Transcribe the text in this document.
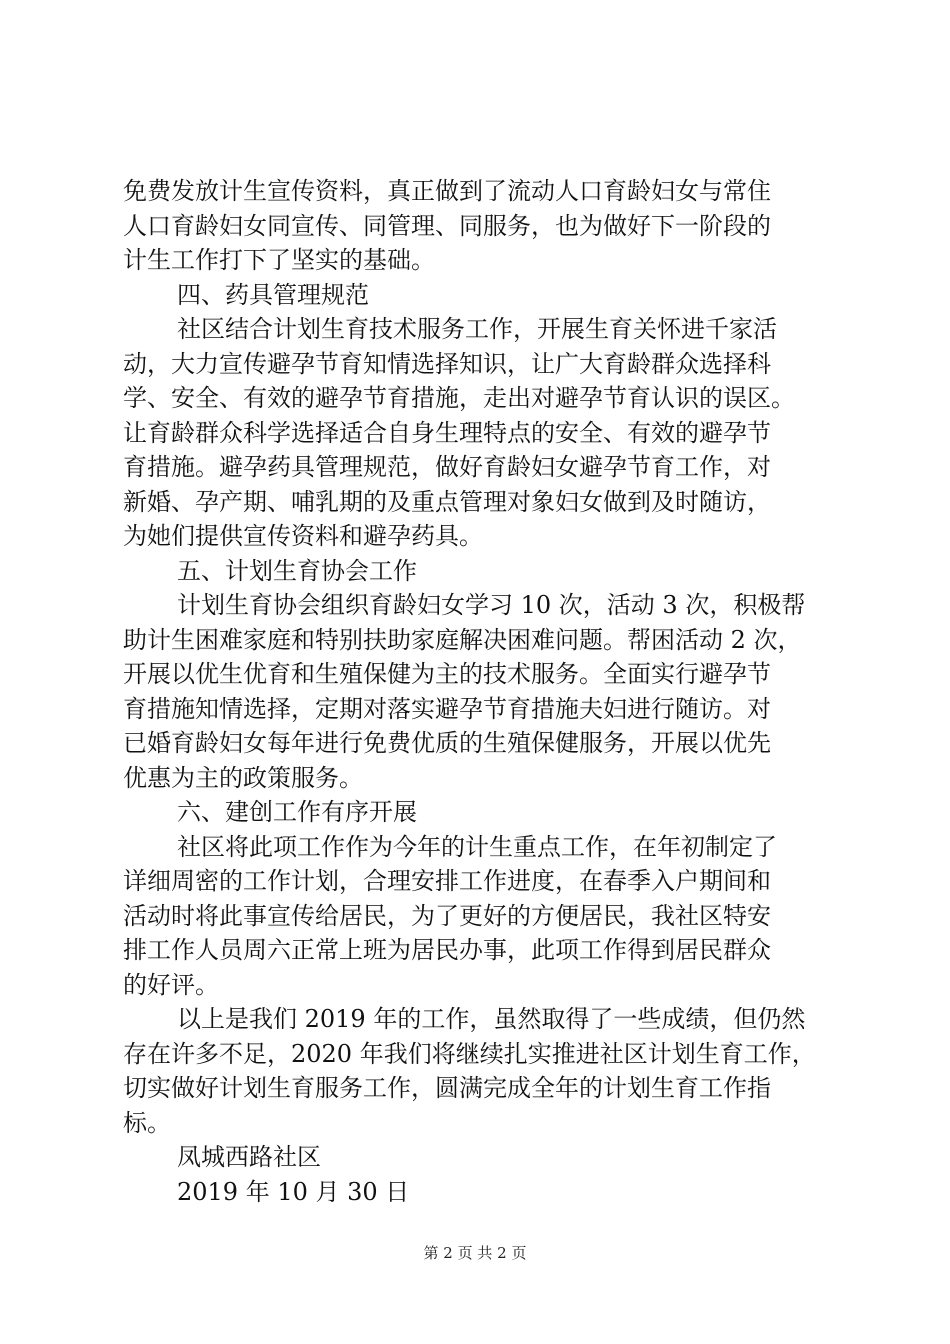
免费发放计生宣传资料，真正做到了流动人口育龄妇女与常住
人口育龄妇女同宣传、同管理、同服务，也为做好下一阶段的
计生工作打下了坚实的基础。
四、药具管理规范
社区结合计划生育技术服务工作，开展生育关怀进千家活
动，大力宣传避孕节育知情选择知识，让广大育龄群众选择科
学、安全、有效的避孕节育措施，走出对避孕节育认识的误区。
让育龄群众科学选择适合自身生理特点的安全、有效的避孕节
育措施。避孕药具管理规范，做好育龄妇女避孕节育工作，对
新婚、孕产期、哺乳期的及重点管理对象妇女做到及时随访，
为她们提供宣传资料和避孕药具。
五、计划生育协会工作
计划生育协会组织育龄妇女学习 10 次，活动 3 次，积极帮
助计生困难家庭和特别扶助家庭解决困难问题。帮困活动 2 次，
开展以优生优育和生殖保健为主的技术服务。全面实行避孕节
育措施知情选择，定期对落实避孕节育措施夫妇进行随访。对
已婚育龄妇女每年进行免费优质的生殖保健服务，开展以优先
优惠为主的政策服务。
六、建创工作有序开展
社区将此项工作作为今年的计生重点工作，在年初制定了
详细周密的工作计划，合理安排工作进度，在春季入户期间和
活动时将此事宣传给居民，为了更好的方便居民，我社区特安
排工作人员周六正常上班为居民办事，此项工作得到居民群众
的好评。
以上是我们 2019 年的工作，虽然取得了一些成绩，但仍然
存在许多不足，2020 年我们将继续扎实推进社区计划生育工作，
切实做好计划生育服务工作，圆满完成全年的计划生育工作指
标。
凤城西路社区
2019 年 10 月 30 日
第 2 页 共 2 页
